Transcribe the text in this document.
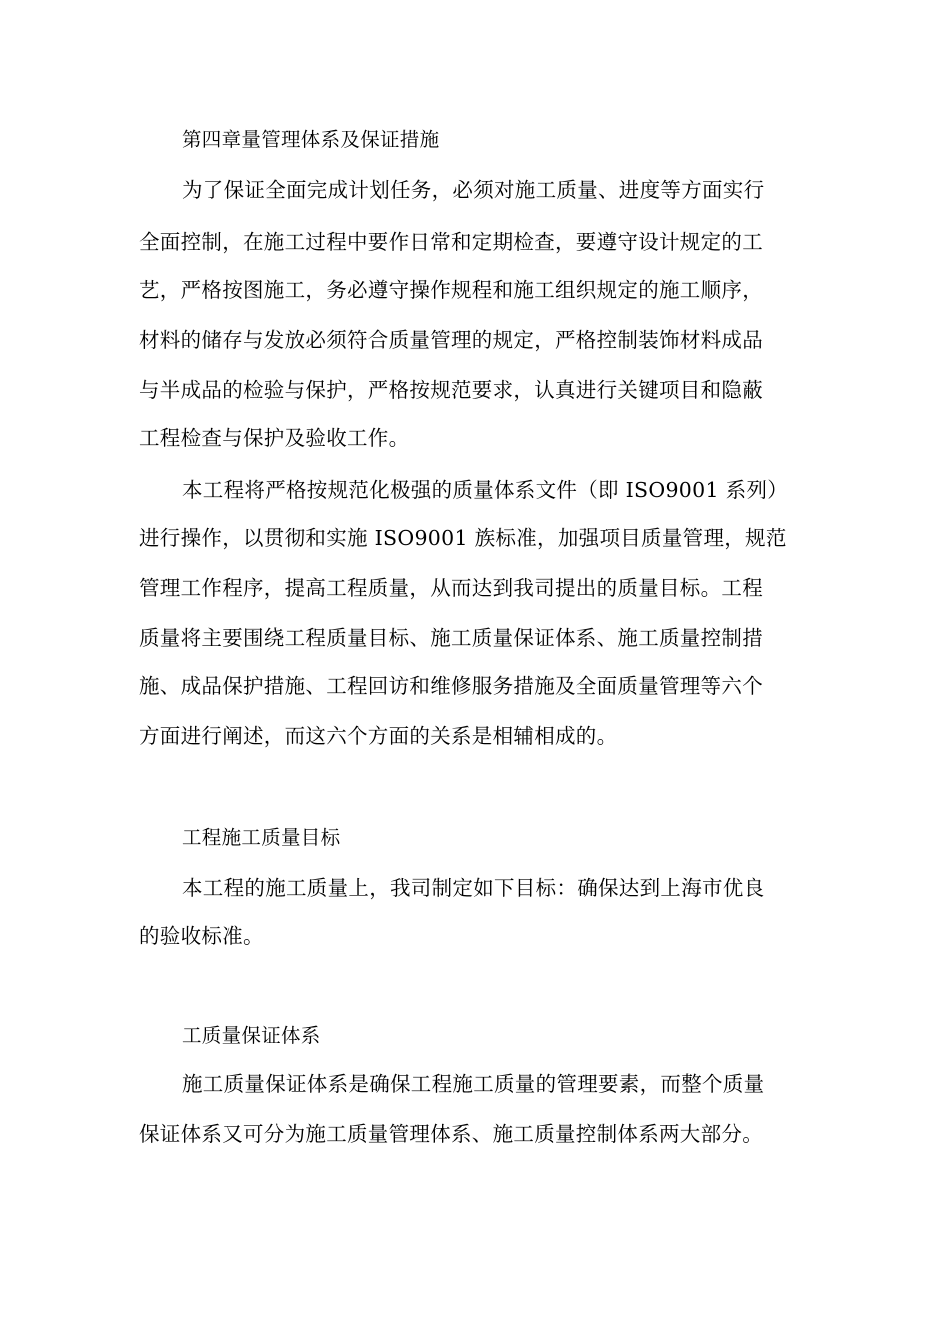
第四章量管理体系及保证措施
为了保证全面完成计划任务，必须对施工质量、进度等方面实行
全面控制，在施工过程中要作日常和定期检查，要遵守设计规定的工
艺，严格按图施工，务必遵守操作规程和施工组织规定的施工顺序，
材料的储存与发放必须符合质量管理的规定，严格控制装饰材料成品
与半成品的检验与保护，严格按规范要求，认真进行关键项目和隐蔽
工程检查与保护及验收工作。
本工程将严格按规范化极强的质量体系文件（即 ISO9001 系列）
进行操作，以贯彻和实施 ISO9001 族标准，加强项目质量管理，规范
管理工作程序，提高工程质量，从而达到我司提出的质量目标。工程
质量将主要围绕工程质量目标、施工质量保证体系、施工质量控制措
施、成品保护措施、工程回访和维修服务措施及全面质量管理等六个
方面进行阐述，而这六个方面的关系是相辅相成的。
工程施工质量目标
本工程的施工质量上，我司制定如下目标：确保达到上海市优良
的验收标准。
工质量保证体系
施工质量保证体系是确保工程施工质量的管理要素，而整个质量
保证体系又可分为施工质量管理体系、施工质量控制体系两大部分。
